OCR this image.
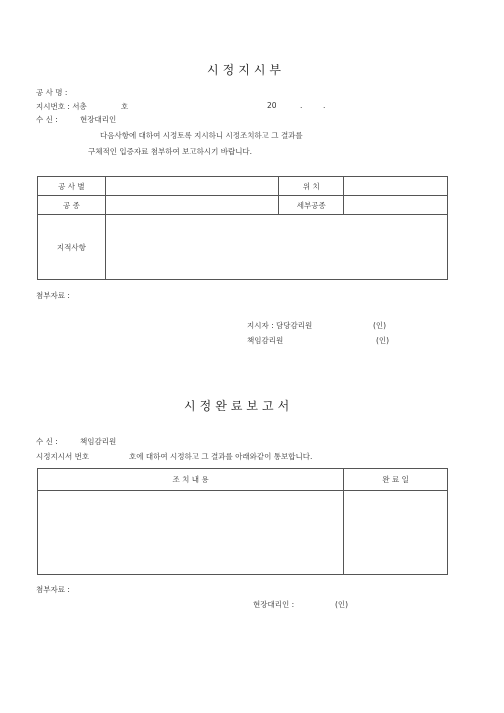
시 정 지 시 부
공 사 명 :
지시번호 : 서총	호	20	.	.
수 신 :	현장대리인
다음사항에 대하여 시정토록 지시하니 시정조치하고 그 결과를
구체적인 입증자료 첨부하여 보고하시기 바랍니다.
공 사 별		위 치	
공 종		세부공종	
지적사항			
첨부자료 :
지시자 : 담당감리원	(인)
책임감리원	(인)
시 정 완 료 보 고 서
수 신 :	책임감리원
시정지시서 번호	호에 대하여 시정하고 그 결과를 아래와같이 통보합니다.
조 치 내 용	완 료 일

첨부자료 :
현장대리인 :	(인)
